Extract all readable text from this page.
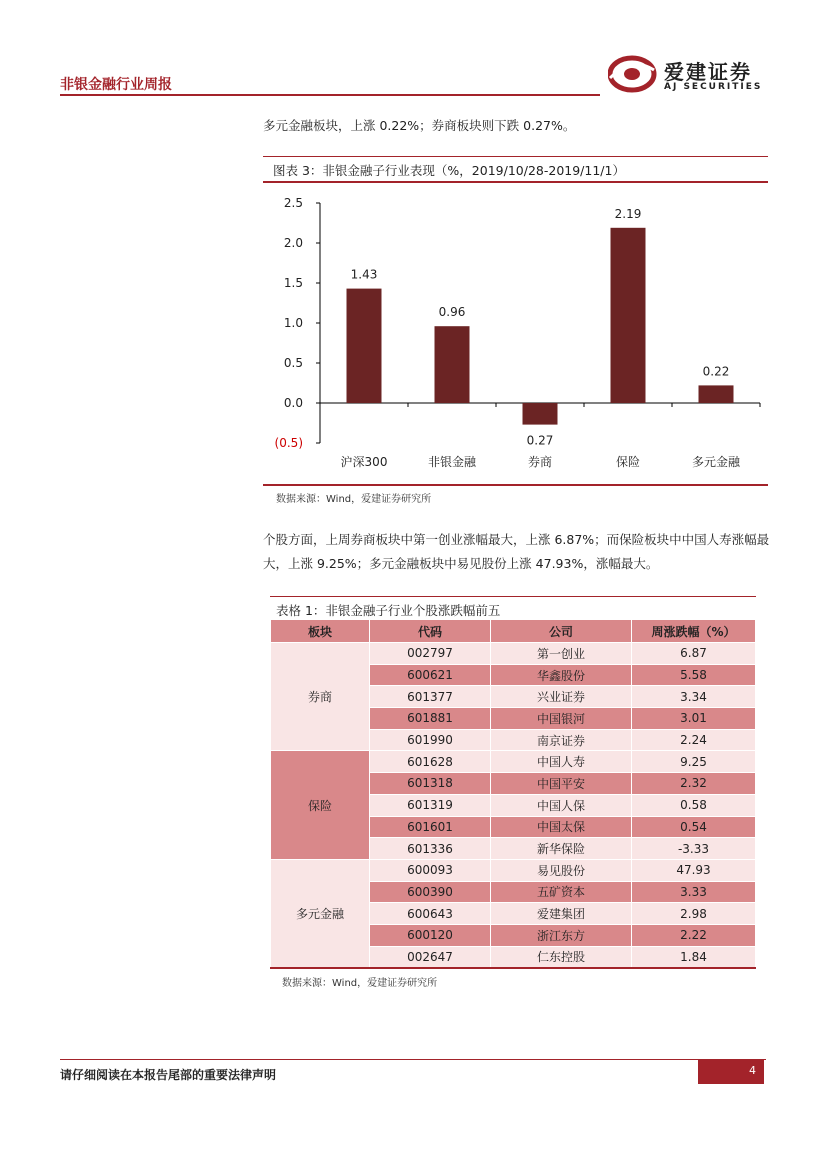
非银金融行业周报
爱建证券
AJ SECURITIES
多元金融板块，上涨 0.22%；券商板块则下跌 0.27%。
图表 3：非银金融子行业表现（%，2019/10/28-2019/11/1）
2.5
2.0
1.5
1.0
0.5
0.0
(0.5)
1.43
沪深300
0.96
非银金融
0.27
券商
2.19
保险
0.22
多元金融
数据来源：Wind，爱建证券研究所
个股方面，上周券商板块中第一创业涨幅最大，上涨 6.87%；而保险板块中中国人寿涨幅最大，上涨 9.25%；多元金融板块中易见股份上涨 47.93%，涨幅最大。
表格 1：非银金融子行业个股涨跌幅前五
板块	代码	公司	周涨跌幅（%）
券商	002797	第一创业	6.87
	600621	华鑫股份	5.58
	601377	兴业证券	3.34
	601881	中国银河	3.01
	601990	南京证券	2.24
保险	601628	中国人寿	9.25
	601318	中国平安	2.32
	601319	中国人保	0.58
	601601	中国太保	0.54
	601336	新华保险	-3.33
多元金融	600093	易见股份	47.93
	600390	五矿资本	3.33
	600643	爱建集团	2.98
	600120	浙江东方	2.22
	002647	仁东控股	1.84
数据来源：Wind，爱建证券研究所
请仔细阅读在本报告尾部的重要法律声明	4
